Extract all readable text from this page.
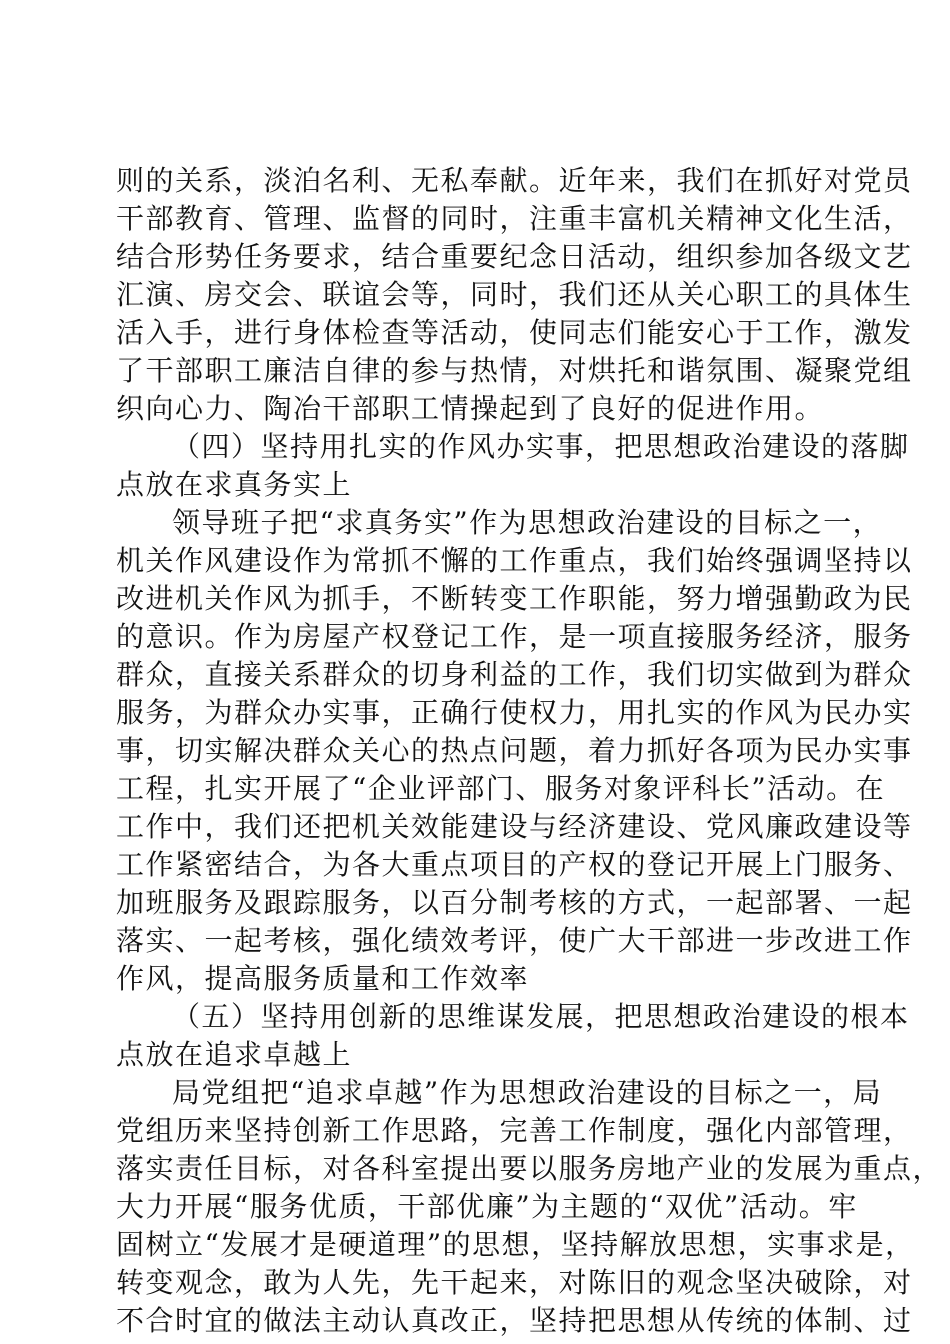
则的关系，淡泊名利、无私奉献。近年来，我们在抓好对党员
干部教育、管理、监督的同时，注重丰富机关精神文化生活，
结合形势任务要求，结合重要纪念日活动，组织参加各级文艺
汇演、房交会、联谊会等，同时，我们还从关心职工的具体生
活入手，进行身体检查等活动，使同志们能安心于工作，激发
了干部职工廉洁自律的参与热情，对烘托和谐氛围、凝聚党组
织向心力、陶冶干部职工情操起到了良好的促进作用。
（四）坚持用扎实的作风办实事，把思想政治建设的落脚
点放在求真务实上
领导班子把“求真务实”作为思想政治建设的目标之一，
机关作风建设作为常抓不懈的工作重点，我们始终强调坚持以
改进机关作风为抓手，不断转变工作职能，努力增强勤政为民
的意识。作为房屋产权登记工作，是一项直接服务经济，服务
群众，直接关系群众的切身利益的工作，我们切实做到为群众
服务，为群众办实事，正确行使权力，用扎实的作风为民办实
事，切实解决群众关心的热点问题，着力抓好各项为民办实事
工程，扎实开展了“企业评部门、服务对象评科长”活动。在
工作中，我们还把机关效能建设与经济建设、党风廉政建设等
工作紧密结合，为各大重点项目的产权的登记开展上门服务、
加班服务及跟踪服务，以百分制考核的方式，一起部署、一起
落实、一起考核，强化绩效考评，使广大干部进一步改进工作
作风，提高服务质量和工作效率
（五）坚持用创新的思维谋发展，把思想政治建设的根本
点放在追求卓越上
局党组把“追求卓越”作为思想政治建设的目标之一，局
党组历来坚持创新工作思路，完善工作制度，强化内部管理，
落实责任目标，对各科室提出要以服务房地产业的发展为重点，
大力开展“服务优质，干部优廉”为主题的“双优”活动。牢
固树立“发展才是硬道理”的思想，坚持解放思想，实事求是，
转变观念，敢为人先，先干起来，对陈旧的观念坚决破除，对
不合时宜的做法主动认真改正，坚持把思想从传统的体制、过
